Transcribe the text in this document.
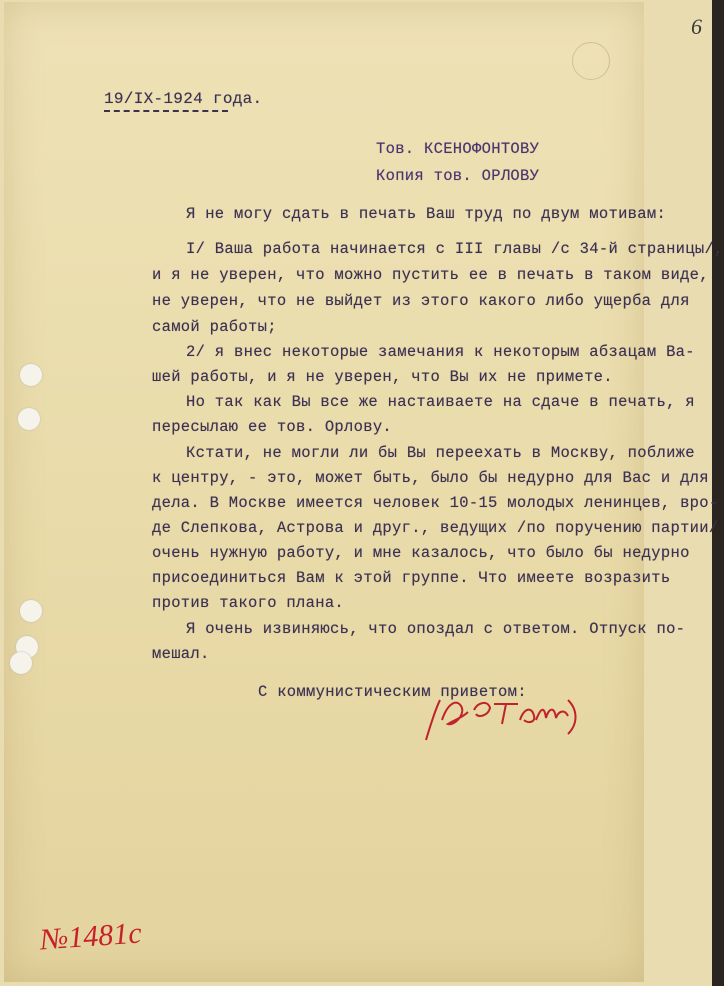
6
19/IX-1924 года.
Тов. КСЕНОФОНТОВУ
Копия тов. ОРЛОВУ
Я не могу сдать в печать Ваш труд по двум мотивам:
I/ Ваша работа начинается с III главы /с 34-й страницы/,
и я не уверен, что можно пустить ее в печать в таком виде,
не уверен, что не выйдет из этого какого либо ущерба для
самой работы;
2/ я внес некоторые замечания к некоторым абзацам Ва-
шей работы, и я не уверен, что Вы их не примете.
Но так как Вы все же настаиваете на сдаче в печать, я
пересылаю ее тов. Орлову.
Кстати, не могли ли бы Вы переехать в Москву, поближе
к центру, - это, может быть, было бы недурно для Вас и для
дела. В Москве имеется человек 10-15 молодых ленинцев, вро-
де Слепкова, Астрова и друг., ведущих /по поручению партии/
очень нужную работу, и мне казалось, что было бы недурно
присоединиться Вам к этой группе. Что имеете возразить
против такого плана.
Я очень извиняюсь, что опоздал с ответом. Отпуск по-
мешал.
С коммунистическим приветом:
№1481с
